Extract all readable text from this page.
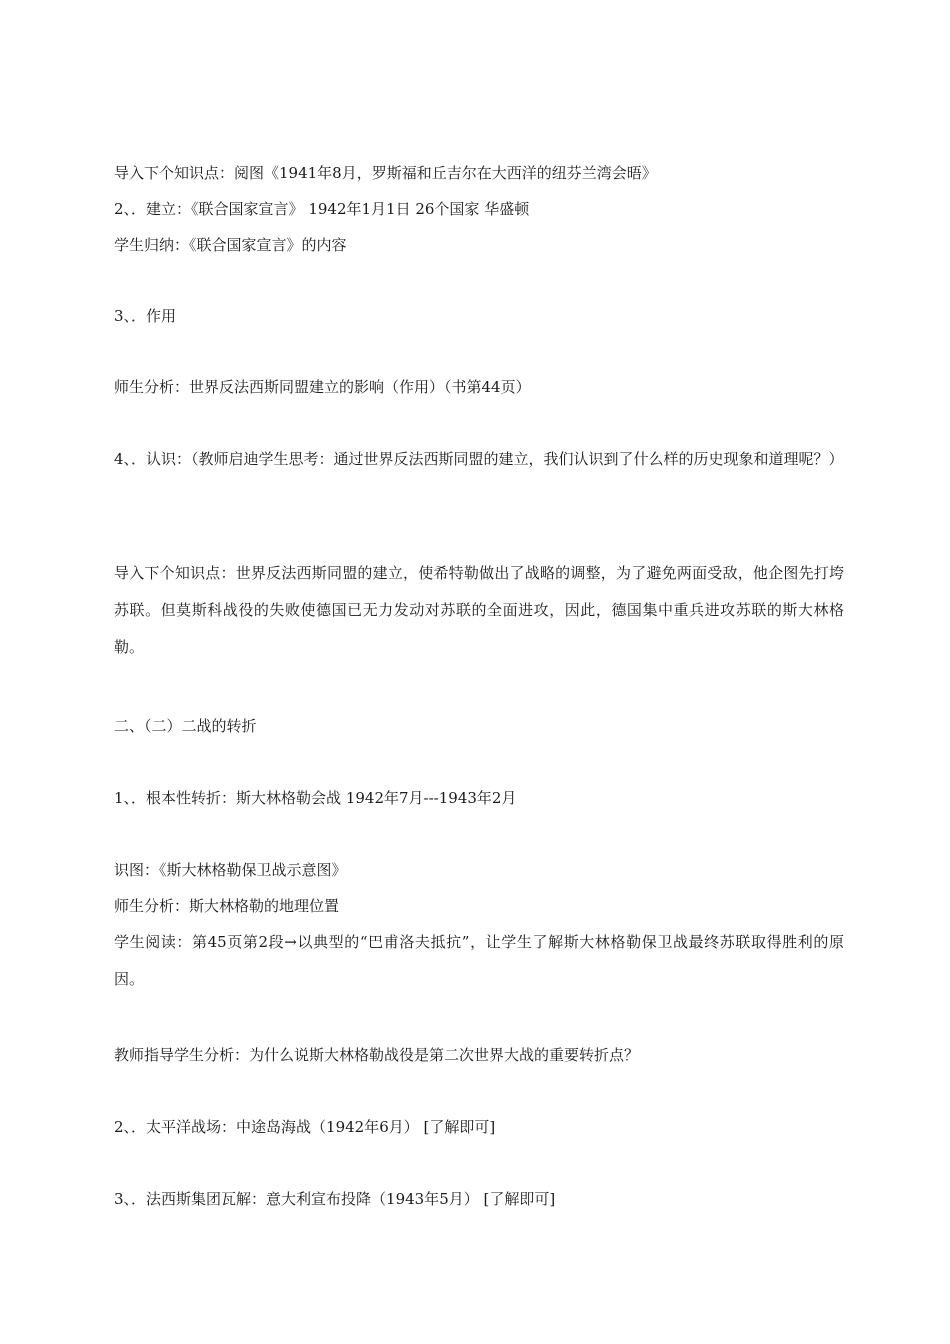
导入下个知识点：阅图《1941年8月，罗斯福和丘吉尔在大西洋的纽芬兰湾会晤》
2、．建立：《联合国家宣言》 1942年1月1日 26个国家 华盛顿
学生归纳：《联合国家宣言》的内容
3、．作用
师生分析：世界反法西斯同盟建立的影响（作用）（书第44页）
4、．认识：（教师启迪学生思考：通过世界反法西斯同盟的建立，我们认识到了什么样的历史现象和道理呢？）
导入下个知识点：世界反法西斯同盟的建立，使希特勒做出了战略的调整，为了避免两面受敌，他企图先打垮苏联。但莫斯科战役的失败使德国已无力发动对苏联的全面进攻，因此，德国集中重兵进攻苏联的斯大林格勒。
二、（二）二战的转折
1、．根本性转折：斯大林格勒会战 1942年7月---1943年2月
识图：《斯大林格勒保卫战示意图》
师生分析：斯大林格勒的地理位置
学生阅读：第45页第2段→以典型的“巴甫洛夫抵抗”，让学生了解斯大林格勒保卫战最终苏联取得胜利的原因。
教师指导学生分析：为什么说斯大林格勒战役是第二次世界大战的重要转折点？
2、．太平洋战场：中途岛海战（1942年6月） [了解即可]
3、．法西斯集团瓦解：意大利宣布投降（1943年5月） [了解即可]
